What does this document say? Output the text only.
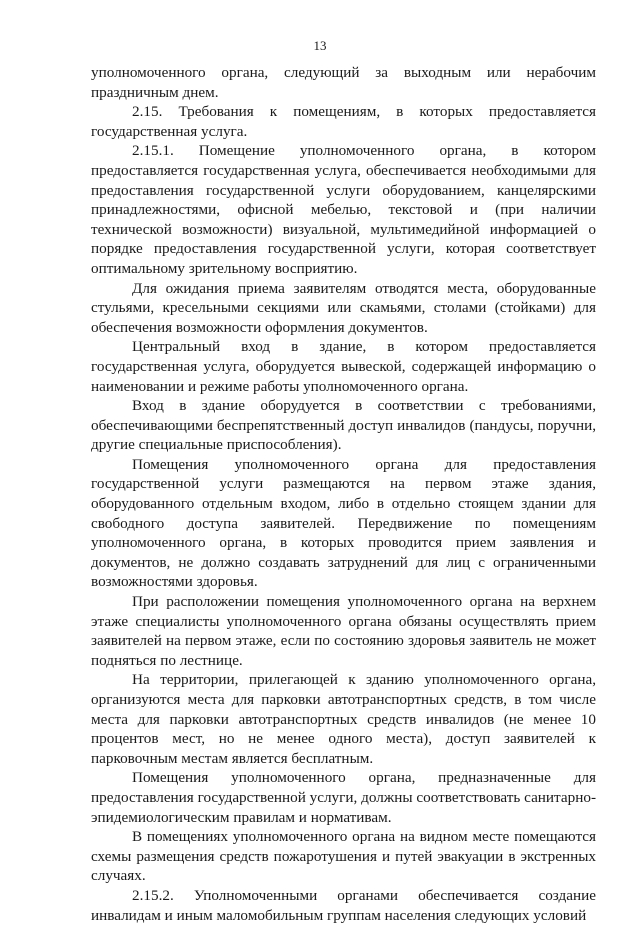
13

уполномоченного органа, следующий за выходным или нерабочим праздничным днем.

2.15. Требования к помещениям, в которых предоставляется государственная услуга.

2.15.1. Помещение уполномоченного органа, в котором предоставляется государственная услуга, обеспечивается необходимыми для предоставления государственной услуги оборудованием, канцелярскими принадлежностями, офисной мебелью, текстовой и (при наличии технической возможности) визуальной, мультимедийной информацией о порядке предоставления государственной услуги, которая соответствует оптимальному зрительному восприятию.

Для ожидания приема заявителям отводятся места, оборудованные стульями, кресельными секциями или скамьями, столами (стойками) для обеспечения возможности оформления документов.

Центральный вход в здание, в котором предоставляется государственная услуга, оборудуется вывеской, содержащей информацию о наименовании и режиме работы уполномоченного органа.

Вход в здание оборудуется в соответствии с требованиями, обеспечивающими беспрепятственный доступ инвалидов (пандусы, поручни, другие специальные приспособления).

Помещения уполномоченного органа для предоставления государственной услуги размещаются на первом этаже здания, оборудованного отдельным входом, либо в отдельно стоящем здании для свободного доступа заявителей. Передвижение по помещениям уполномоченного органа, в которых проводится прием заявления и документов, не должно создавать затруднений для лиц с ограниченными возможностями здоровья.

При расположении помещения уполномоченного органа на верхнем этаже специалисты уполномоченного органа обязаны осуществлять прием заявителей на первом этаже, если по состоянию здоровья заявитель не может подняться по лестнице.

На территории, прилегающей к зданию уполномоченного органа, организуются места для парковки автотранспортных средств, в том числе места для парковки автотранспортных средств инвалидов (не менее 10 процентов мест, но не менее одного места), доступ заявителей к парковочным местам является бесплатным.

Помещения уполномоченного органа, предназначенные для предоставления государственной услуги, должны соответствовать санитарно-эпидемиологическим правилам и нормативам.

В помещениях уполномоченного органа на видном месте помещаются схемы размещения средств пожаротушения и путей эвакуации в экстренных случаях.

2.15.2. Уполномоченными органами обеспечивается создание инвалидам и иным маломобильным группам населения следующих условий
